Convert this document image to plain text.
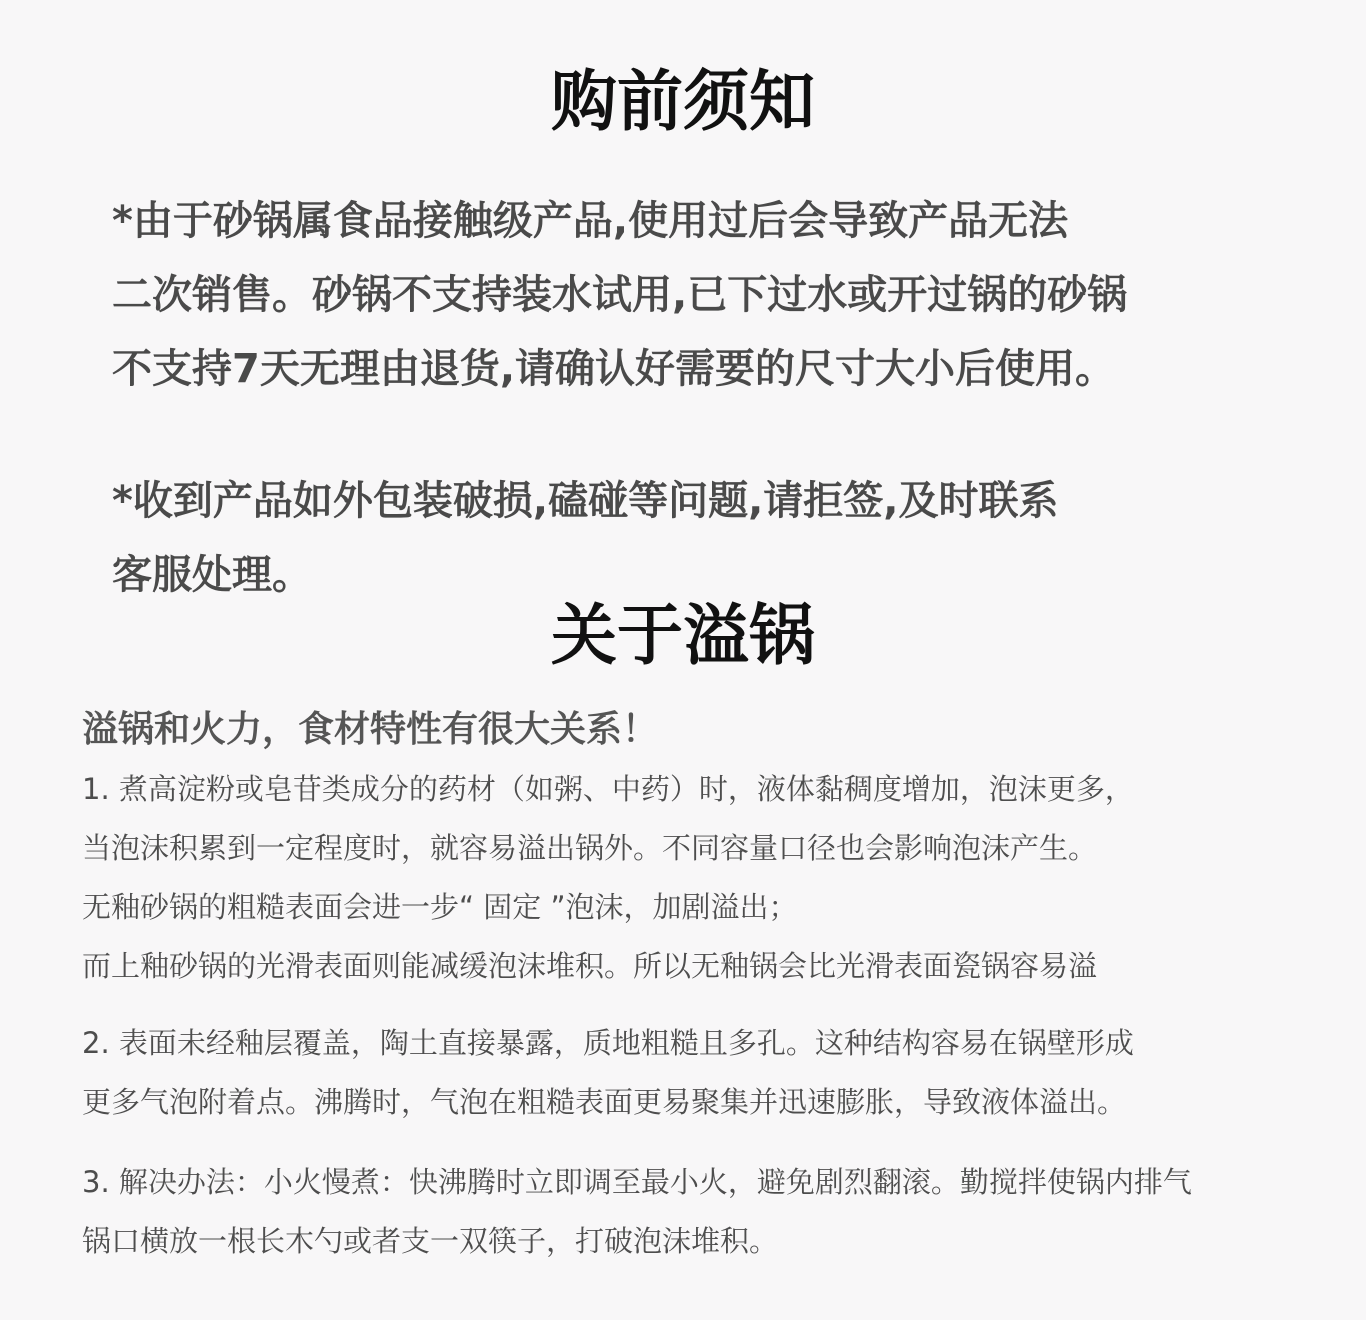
购前须知
*由于砂锅属食品接触级产品,使用过后会导致产品无法
二次销售。砂锅不支持装水试用,已下过水或开过锅的砂锅
不支持7天无理由退货,请确认好需要的尺寸大小后使用。
*收到产品如外包装破损,磕碰等问题,请拒签,及时联系
客服处理。
关于溢锅
溢锅和火力，食材特性有很大关系！
1. 煮高淀粉或皂苷类成分的药材（如粥、中药）时，液体黏稠度增加，泡沫更多，
当泡沫积累到一定程度时，就容易溢出锅外。不同容量口径也会影响泡沫产生。
无釉砂锅的粗糙表面会进一步“ 固定 ”泡沫，加剧溢出；
而上釉砂锅的光滑表面则能减缓泡沫堆积。所以无釉锅会比光滑表面瓷锅容易溢
2. 表面未经釉层覆盖，陶土直接暴露，质地粗糙且多孔。这种结构容易在锅壁形成
更多气泡附着点。沸腾时，气泡在粗糙表面更易聚集并迅速膨胀，导致液体溢出。
3. 解决办法：小火慢煮：快沸腾时立即调至最小火，避免剧烈翻滚。勤搅拌使锅内排气
锅口横放一根长木勺或者支一双筷子，打破泡沫堆积。
